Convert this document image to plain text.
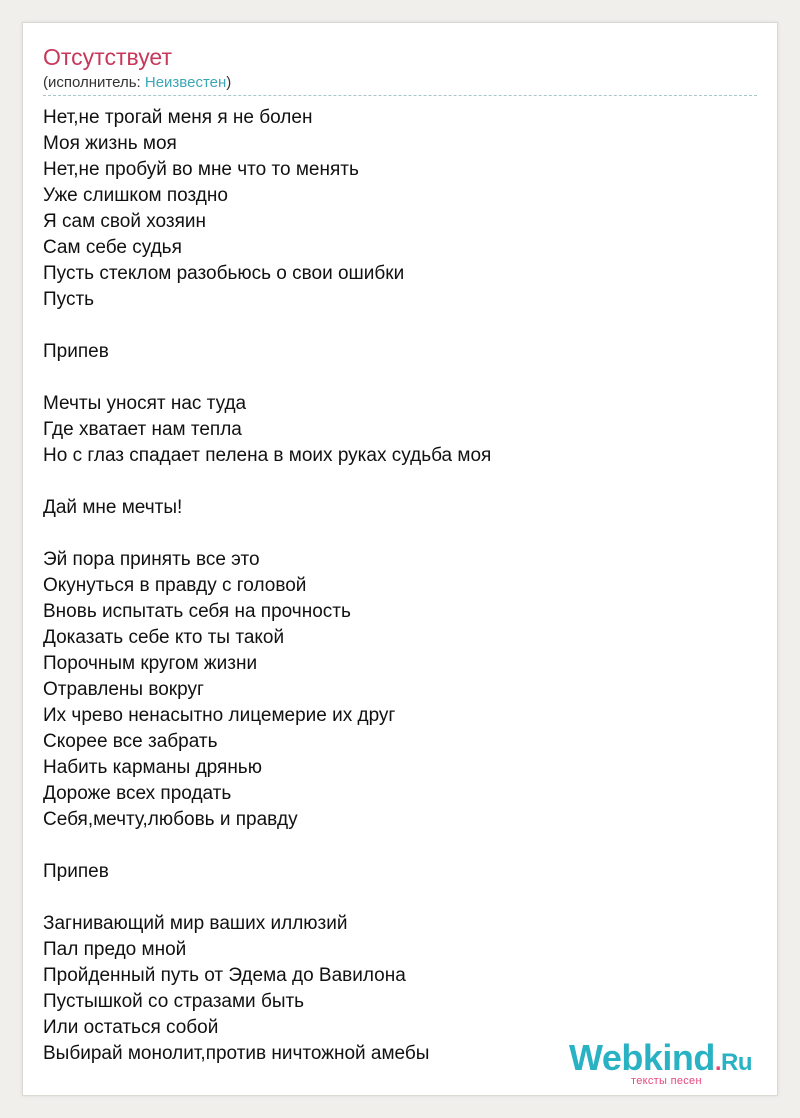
Отсутствует
(исполнитель: Неизвестен)
Нет,не трогай меня я не болен
Моя жизнь моя
Нет,не пробуй во мне что то менять
Уже слишком поздно
Я сам свой хозяин
Сам себе судья
Пусть стеклом разобьюсь о свои ошибки
Пусть
Припев
Мечты уносят нас туда
Где хватает нам тепла
Но с глаз спадает пелена в моих руках судьба моя
Дай мне мечты!
Эй пора принять все это
Окунуться в правду с головой
Вновь испытать себя на прочность
Доказать себе кто ты такой
Порочным кругом жизни
Отравлены вокруг
Их чрево ненасытно лицемерие их друг
Скорее все забрать
Набить карманы дрянью
Дороже всех продать
Себя,мечту,любовь и правду
Припев
Загнивающий мир ваших иллюзий
Пал предо мной
Пройденный путь от Эдема до Вавилона
Пустышкой со стразами быть
Или остаться собой
Выбирай монолит,против ничтожной амебы	Webkind.Ru
тексты песен
